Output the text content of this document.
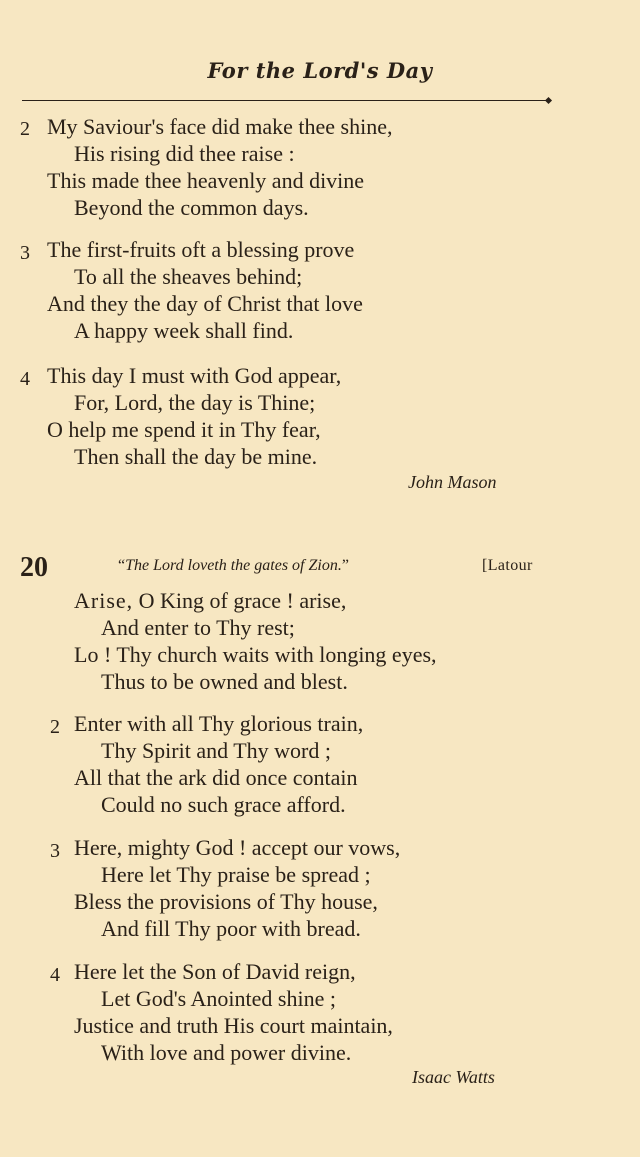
For the Lord's Day
2 My Saviour's face did make thee shine,
His rising did thee raise :
This made thee heavenly and divine
Beyond the common days.
3 The first-fruits oft a blessing prove
To all the sheaves behind;
And they the day of Christ that love
A happy week shall find.
4 This day I must with God appear,
For, Lord, the day is Thine;
O help me spend it in Thy fear,
Then shall the day be mine.
John Mason
20	“The Lord loveth the gates of Zion.”	[Latour
Arise, O King of grace ! arise,
And enter to Thy rest;
Lo ! Thy church waits with longing eyes,
Thus to be owned and blest.
2 Enter with all Thy glorious train,
Thy Spirit and Thy word ;
All that the ark did once contain
Could no such grace afford.
3 Here, mighty God ! accept our vows,
Here let Thy praise be spread ;
Bless the provisions of Thy house,
And fill Thy poor with bread.
4 Here let the Son of David reign,
Let God's Anointed shine ;
Justice and truth His court maintain,
With love and power divine.
Isaac Watts
